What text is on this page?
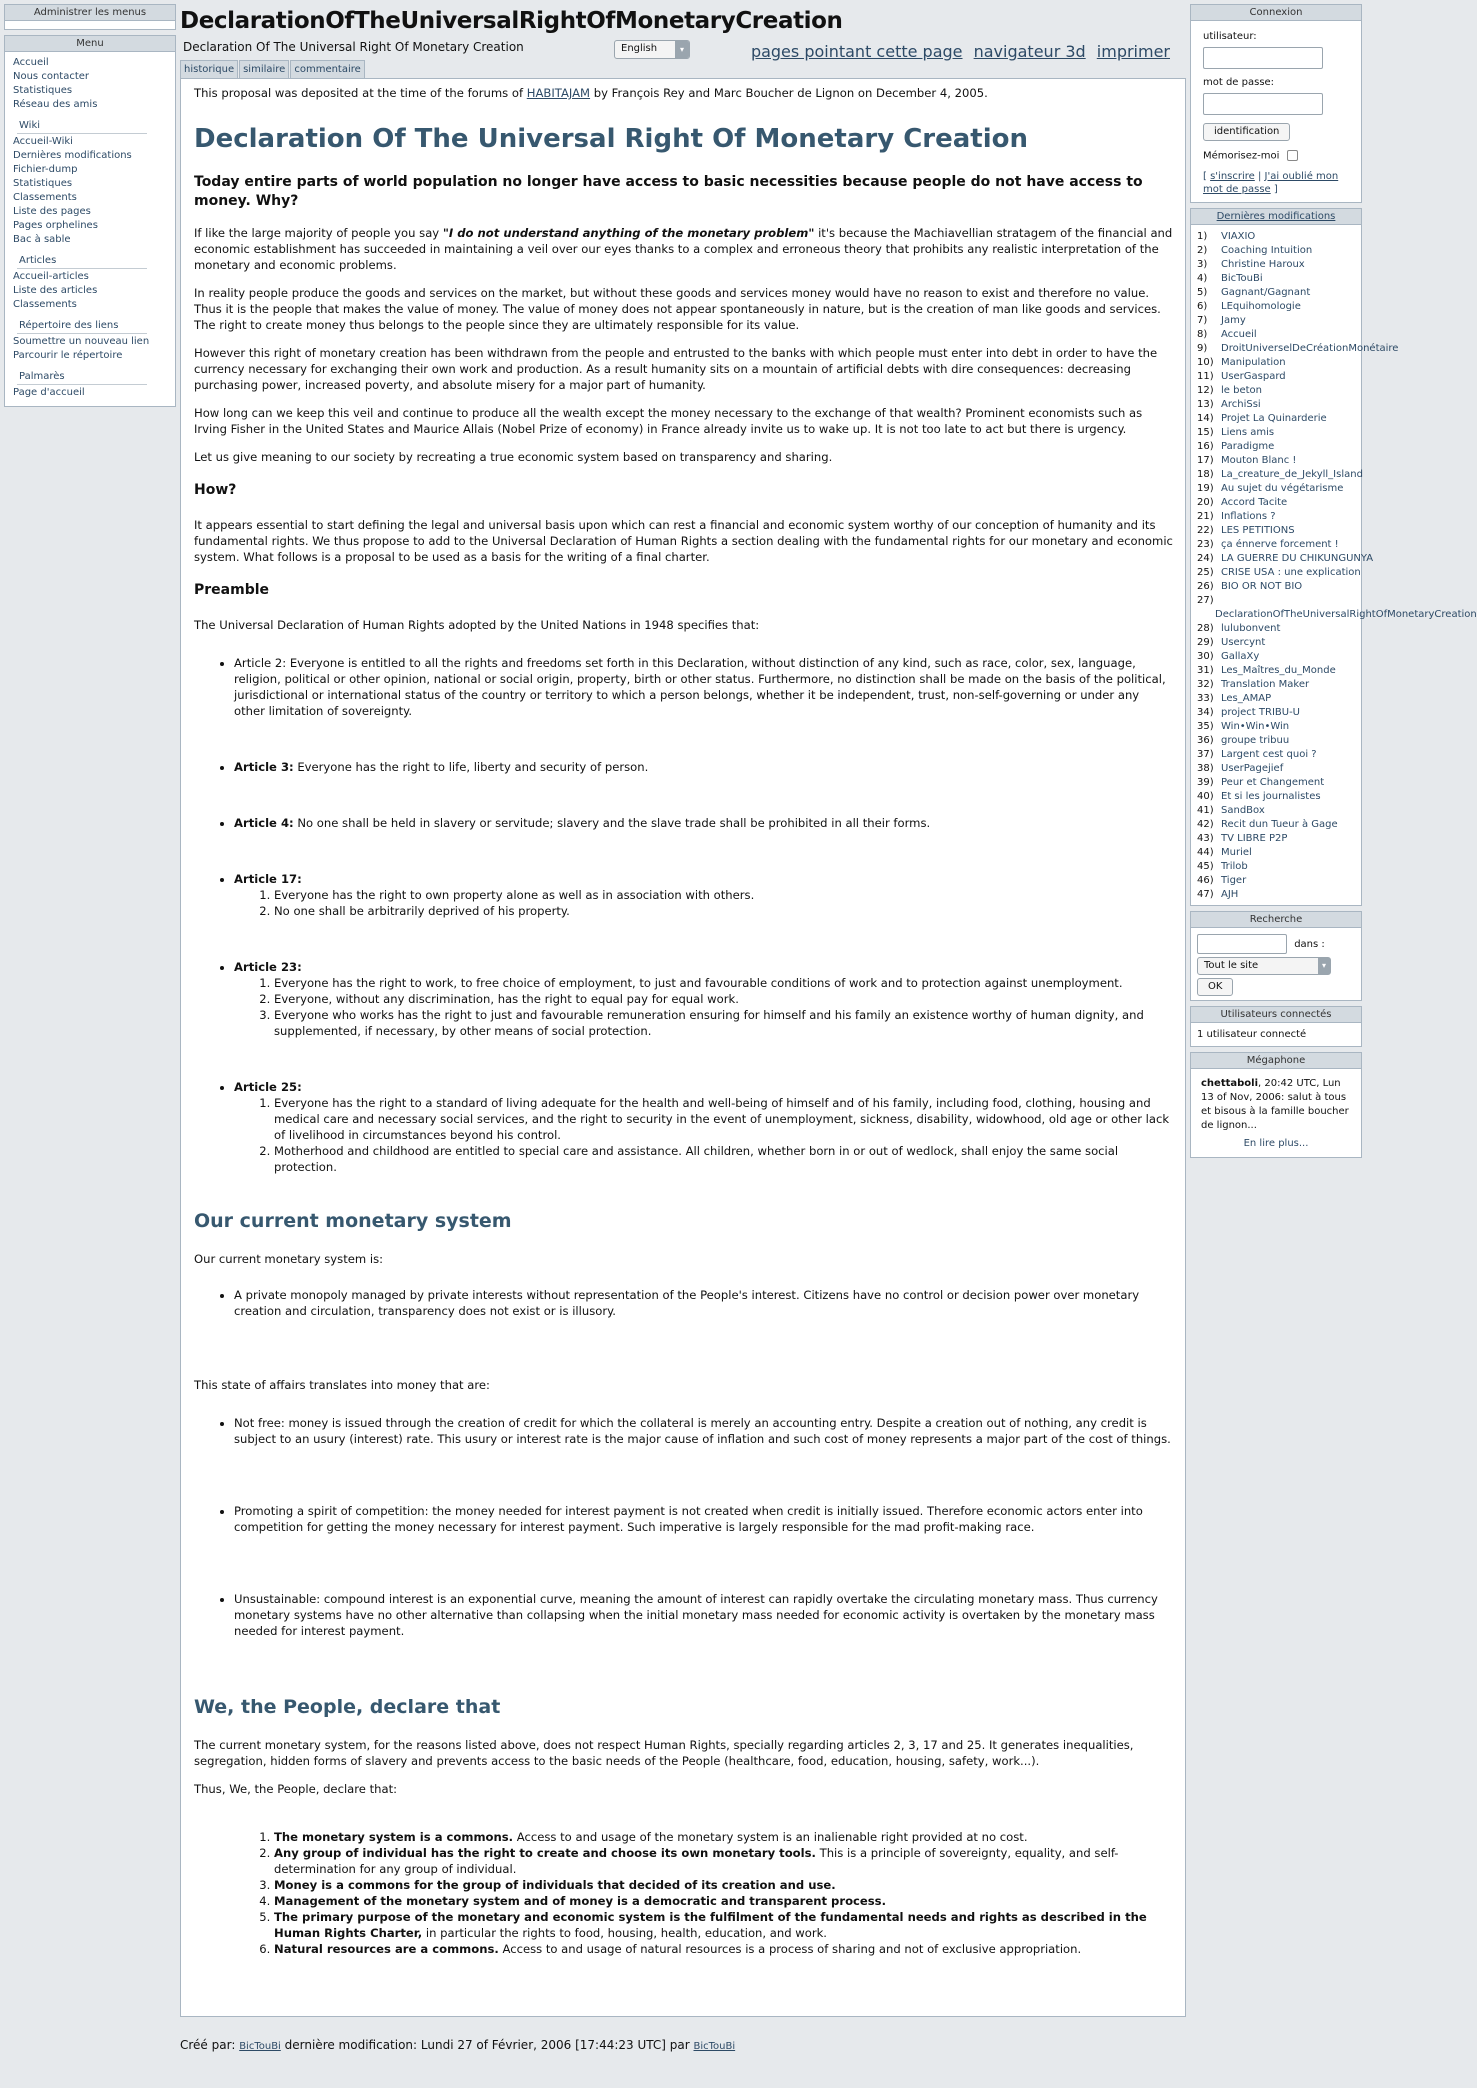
Administrer les menus
Menu
Accueil
Nous contacter
Statistiques
Réseau des amis
Wiki
Accueil-Wiki
Dernières modifications
Fichier-dump
Statistiques
Classements
Liste des pages
Pages orphelines
Bac à sable
Articles
Accueil-articles
Liste des articles
Classements
Répertoire des liens
Soumettre un nouveau lien
Parcourir le répertoire
Palmarès
Page d'accueil
DeclarationOfTheUniversalRightOfMonetaryCreation
Declaration Of The Universal Right Of Monetary Creation	English	▾	pages pointant cette page navigateur 3d imprimer
historique similaire commentaire

This proposal was deposited at the time of the forums of HABITAJAM by François Rey and Marc Boucher de Lignon on December 4, 2005.

Declaration Of The Universal Right Of Monetary Creation
Today entire parts of world population no longer have access to basic necessities because people do not have access to money. Why?

If like the large majority of people you say "I do not understand anything of the monetary problem" it's because the Machiavellian stratagem of the financial and economic establishment has succeeded in maintaining a veil over our eyes thanks to a complex and erroneous theory that prohibits any realistic interpretation of the monetary and economic problems.

In reality people produce the goods and services on the market, but without these goods and services money would have no reason to exist and therefore no value. Thus it is the people that makes the value of money. The value of money does not appear spontaneously in nature, but is the creation of man like goods and services. The right to create money thus belongs to the people since they are ultimately responsible for its value.

However this right of monetary creation has been withdrawn from the people and entrusted to the banks with which people must enter into debt in order to have the currency necessary for exchanging their own work and production. As a result humanity sits on a mountain of artificial debts with dire consequences: decreasing purchasing power, increased poverty, and absolute misery for a major part of humanity.

How long can we keep this veil and continue to produce all the wealth except the money necessary to the exchange of that wealth? Prominent economists such as Irving Fisher in the United States and Maurice Allais (Nobel Prize of economy) in France already invite us to wake up. It is not too late to act but there is urgency.

Let us give meaning to our society by recreating a true economic system based on transparency and sharing.

How?

It appears essential to start defining the legal and universal basis upon which can rest a financial and economic system worthy of our conception of humanity and its fundamental rights. We thus propose to add to the Universal Declaration of Human Rights a section dealing with the fundamental rights for our monetary and economic system. What follows is a proposal to be used as a basis for the writing of a final charter.

Preamble

The Universal Declaration of Human Rights adopted by the United Nations in 1948 specifies that:

• Article 2: Everyone is entitled to all the rights and freedoms set forth in this Declaration, without distinction of any kind, such as race, color, sex, language, religion, political or other opinion, national or social origin, property, birth or other status. Furthermore, no distinction shall be made on the basis of the political, jurisdictional or international status of the country or territory to which a person belongs, whether it be independent, trust, non-self-governing or under any other limitation of sovereignty.
• Article 3: Everyone has the right to life, liberty and security of person.
• Article 4: No one shall be held in slavery or servitude; slavery and the slave trade shall be prohibited in all their forms.
• Article 17:
1. Everyone has the right to own property alone as well as in association with others.
2. No one shall be arbitrarily deprived of his property.
• Article 23:
1. Everyone has the right to work, to free choice of employment, to just and favourable conditions of work and to protection against unemployment.
2. Everyone, without any discrimination, has the right to equal pay for equal work.
3. Everyone who works has the right to just and favourable remuneration ensuring for himself and his family an existence worthy of human dignity, and supplemented, if necessary, by other means of social protection.
• Article 25:
1. Everyone has the right to a standard of living adequate for the health and well-being of himself and of his family, including food, clothing, housing and medical care and necessary social services, and the right to security in the event of unemployment, sickness, disability, widowhood, old age or other lack of livelihood in circumstances beyond his control.
2. Motherhood and childhood are entitled to special care and assistance. All children, whether born in or out of wedlock, shall enjoy the same social protection.
Our current monetary system

Our current monetary system is:

• A private monopoly managed by private interests without representation of the People's interest. Citizens have no control or decision power over monetary creation and circulation, transparency does not exist or is illusory.

This state of affairs translates into money that are:

• Not free: money is issued through the creation of credit for which the collateral is merely an accounting entry. Despite a creation out of nothing, any credit is subject to an usury (interest) rate. This usury or interest rate is the major cause of inflation and such cost of money represents a major part of the cost of things.
• Promoting a spirit of competition: the money needed for interest payment is not created when credit is initially issued. Therefore economic actors enter into competition for getting the money necessary for interest payment. Such imperative is largely responsible for the mad profit-making race.
• Unsustainable: compound interest is an exponential curve, meaning the amount of interest can rapidly overtake the circulating monetary mass. Thus currency monetary systems have no other alternative than collapsing when the initial monetary mass needed for economic activity is overtaken by the monetary mass needed for interest payment.
We, the People, declare that

The current monetary system, for the reasons listed above, does not respect Human Rights, specially regarding articles 2, 3, 17 and 25. It generates inequalities, segregation, hidden forms of slavery and prevents access to the basic needs of the People (healthcare, food, education, housing, safety, work...).

Thus, We, the People, declare that:

1. The monetary system is a commons. Access to and usage of the monetary system is an inalienable right provided at no cost.
2. Any group of individual has the right to create and choose its own monetary tools. This is a principle of sovereignty, equality, and self-determination for any group of individual.
3. Money is a commons for the group of individuals that decided of its creation and use.
4. Management of the monetary system and of money is a democratic and transparent process.
5. The primary purpose of the monetary and economic system is the fulfilment of the fundamental needs and rights as described in the Human Rights Charter, in particular the rights to food, housing, health, education, and work.
6. Natural resources are a commons. Access to and usage of natural resources is a process of sharing and not of exclusive appropriation.
Créé par: BicTouBi dernière modification: Lundi 27 of Février, 2006 [17:44:23 UTC] par BicTouBi
Connexion
utilisateur:
mot de passe:
identification
Mémorisez-moi
[ s'inscrire | J'ai oublié mon mot de passe ]
Dernières modifications
1) VIAXIO
2) Coaching Intuition
3) Christine Haroux
4) BicTouBi
5) Gagnant/Gagnant
6) LEquihomologie
7) Jamy
8) Accueil
9) DroitUniverselDeCréationMonétaire
10) Manipulation
11) UserGaspard
12) le beton
13) ArchiSsi
14) Projet La Quinarderie
15) Liens amis
16) Paradigme
17) Mouton Blanc !
18) La_creature_de_Jekyll_Island
19) Au sujet du végétarisme
20) Accord Tacite
21) Inflations ?
22) LES PETITIONS
23) ça énnerve forcement !
24) LA GUERRE DU CHIKUNGUNYA
25) CRISE USA : une explication
26) BIO OR NOT BIO
27)
DeclarationOfTheUniversalRightOfMonetaryCreation
28) lulubonvent
29) Usercynt
30) GallaXy
31) Les_Maîtres_du_Monde
32) Translation Maker
33) Les_AMAP
34) project TRIBU-U
35) Win•Win•Win
36) groupe tribuu
37) Largent cest quoi ?
38) UserPagejief
39) Peur et Changement
40) Et si les journalistes
41) SandBox
42) Recit dun Tueur à Gage
43) TV LIBRE P2P
44) Muriel
45) Trilob
46) Tiger
47) AJH
Recherche
dans :
Tout le site	▾
OK
Utilisateurs connectés
1 utilisateur connecté
Mégaphone
chettaboli, 20:42 UTC, Lun 13 of Nov, 2006: salut à tous et bisous à la famille boucher de lignon...
En lire plus...
